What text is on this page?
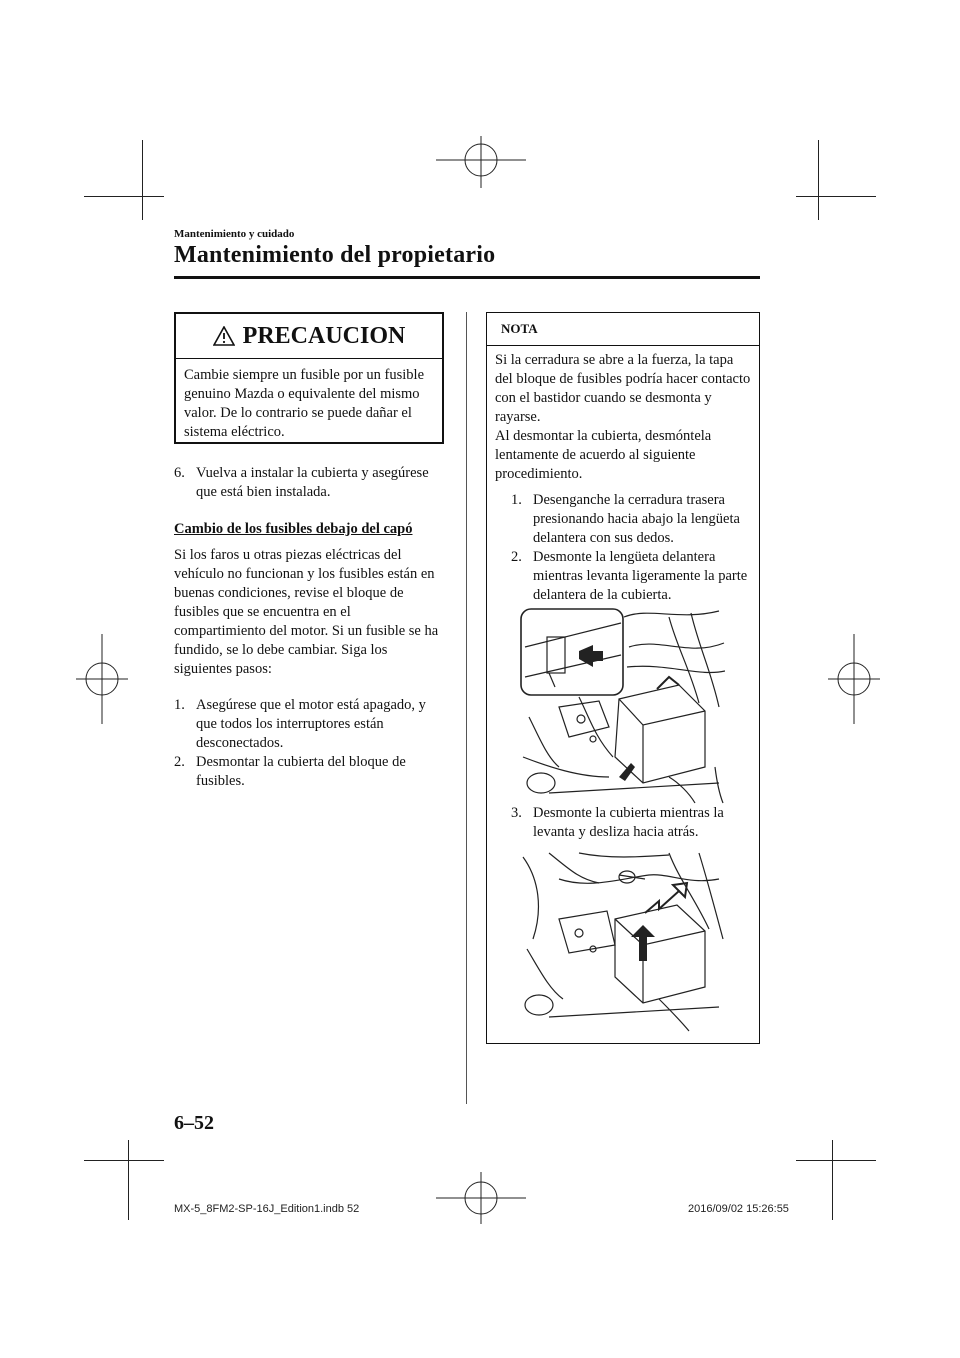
Mantenimiento y cuidado
Mantenimiento del propietario
PRECAUCION
Cambie siempre un fusible por un fusible genuino Mazda o equivalente del mismo valor. De lo contrario se puede dañar el sistema eléctrico.
6. Vuelva a instalar la cubierta y asegúrese que está bien instalada.
Cambio de los fusibles debajo del capó
Si los faros u otras piezas eléctricas del vehículo no funcionan y los fusibles están en buenas condiciones, revise el bloque de fusibles que se encuentra en el compartimiento del motor. Si un fusible se ha fundido, se lo debe cambiar. Siga los siguientes pasos:
1. Asegúrese que el motor está apagado, y que todos los interruptores están desconectados.
2. Desmontar la cubierta del bloque de fusibles.
NOTA
Si la cerradura se abre a la fuerza, la tapa del bloque de fusibles podría hacer contacto con el bastidor cuando se desmonta y rayarse.
Al desmontar la cubierta, desmóntela lentamente de acuerdo al siguiente procedimiento.
1. Desenganche la cerradura trasera presionando hacia abajo la lengüeta delantera con sus dedos.
2. Desmonte la lengüeta delantera mientras levanta ligeramente la parte delantera de la cubierta.
3. Desmonte la cubierta mientras la levanta y desliza hacia atrás.
6–52
MX-5_8FM2-SP-16J_Edition1.indb 52	2016/09/02 15:26:55
